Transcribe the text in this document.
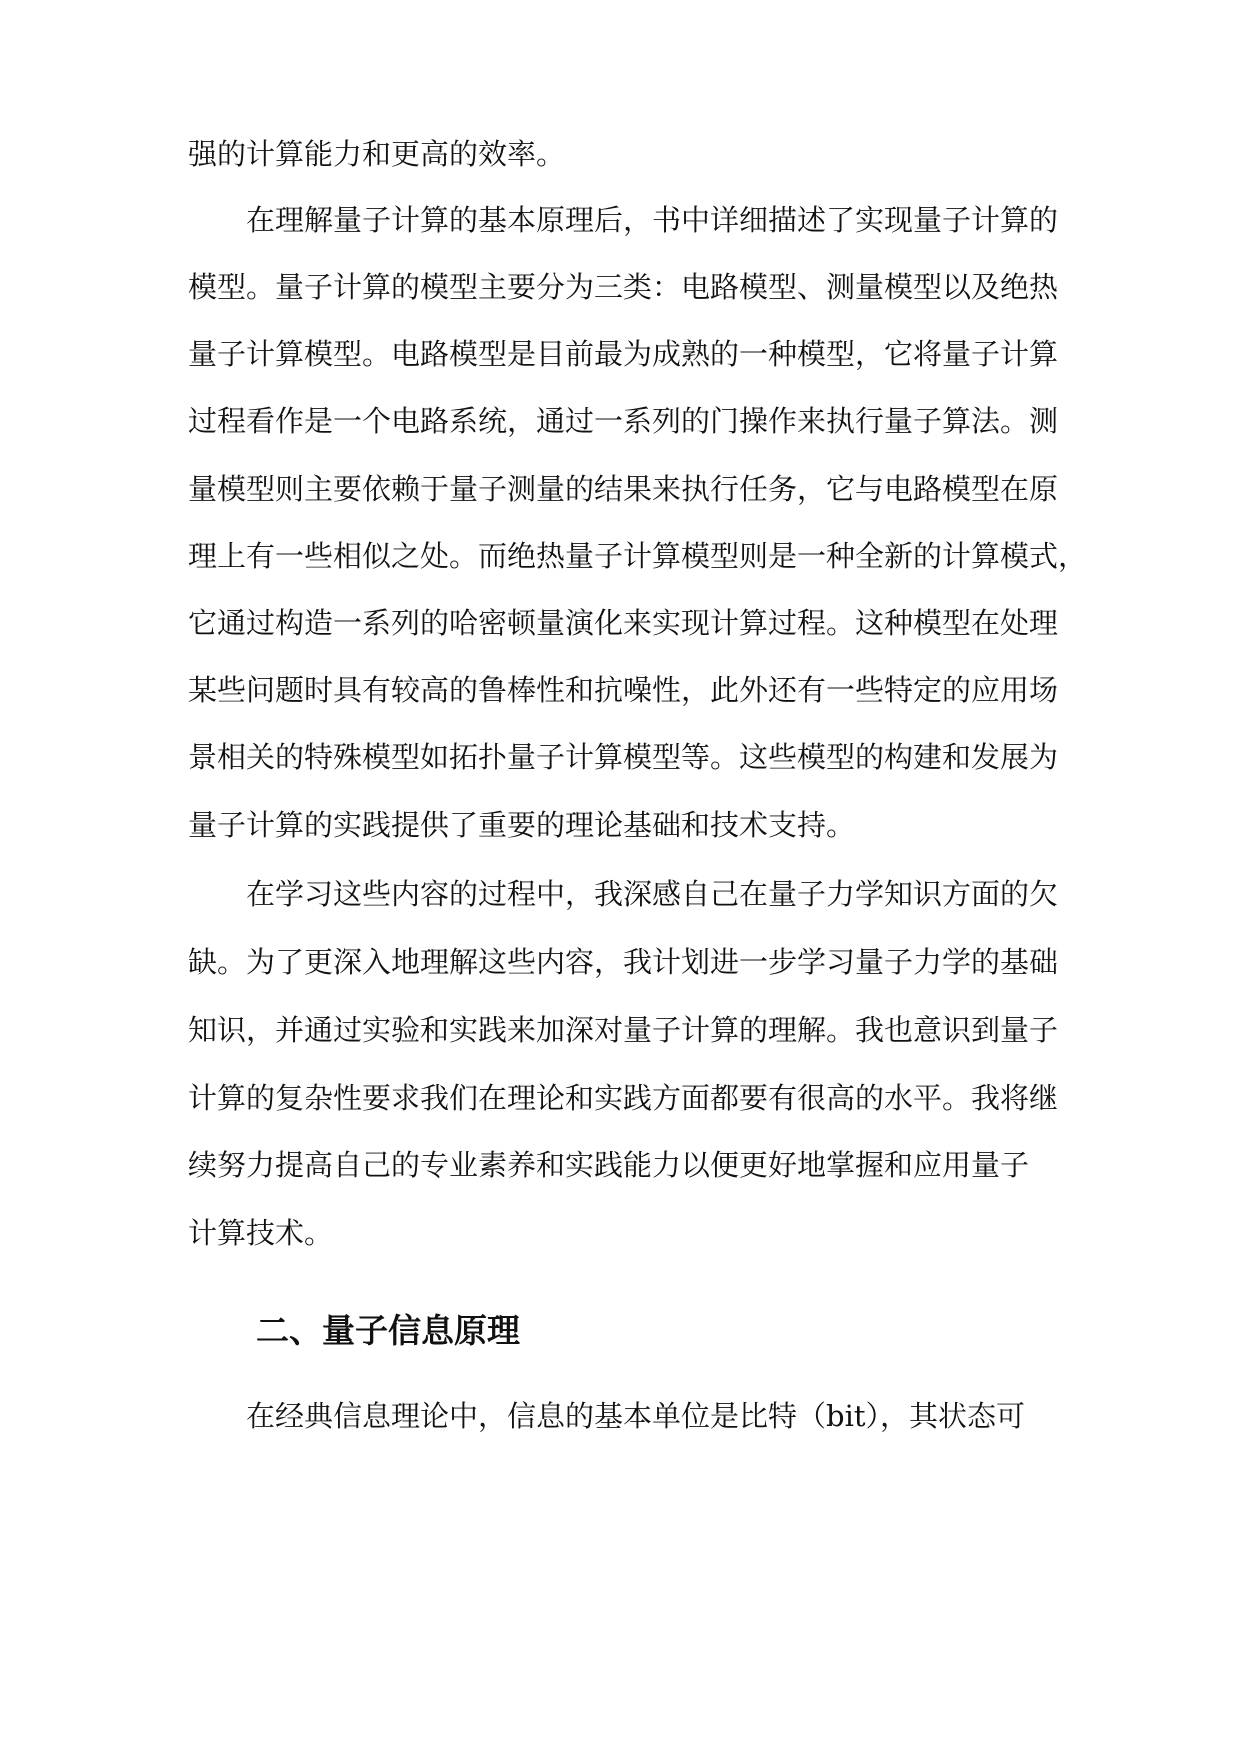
强的计算能力和更高的效率。
在理解量子计算的基本原理后，书中详细描述了实现量子计算的
模型。量子计算的模型主要分为三类：电路模型、测量模型以及绝热
量子计算模型。电路模型是目前最为成熟的一种模型，它将量子计算
过程看作是一个电路系统，通过一系列的门操作来执行量子算法。测
量模型则主要依赖于量子测量的结果来执行任务，它与电路模型在原
理上有一些相似之处。而绝热量子计算模型则是一种全新的计算模式，
它通过构造一系列的哈密顿量演化来实现计算过程。这种模型在处理
某些问题时具有较高的鲁棒性和抗噪性，此外还有一些特定的应用场
景相关的特殊模型如拓扑量子计算模型等。这些模型的构建和发展为
量子计算的实践提供了重要的理论基础和技术支持。
在学习这些内容的过程中，我深感自己在量子力学知识方面的欠
缺。为了更深入地理解这些内容，我计划进一步学习量子力学的基础
知识，并通过实验和实践来加深对量子计算的理解。我也意识到量子
计算的复杂性要求我们在理论和实践方面都要有很高的水平。我将继
续努力提高自己的专业素养和实践能力以便更好地掌握和应用量子
计算技术。
二、量子信息原理
在经典信息理论中，信息的基本单位是比特（bit），其状态可
